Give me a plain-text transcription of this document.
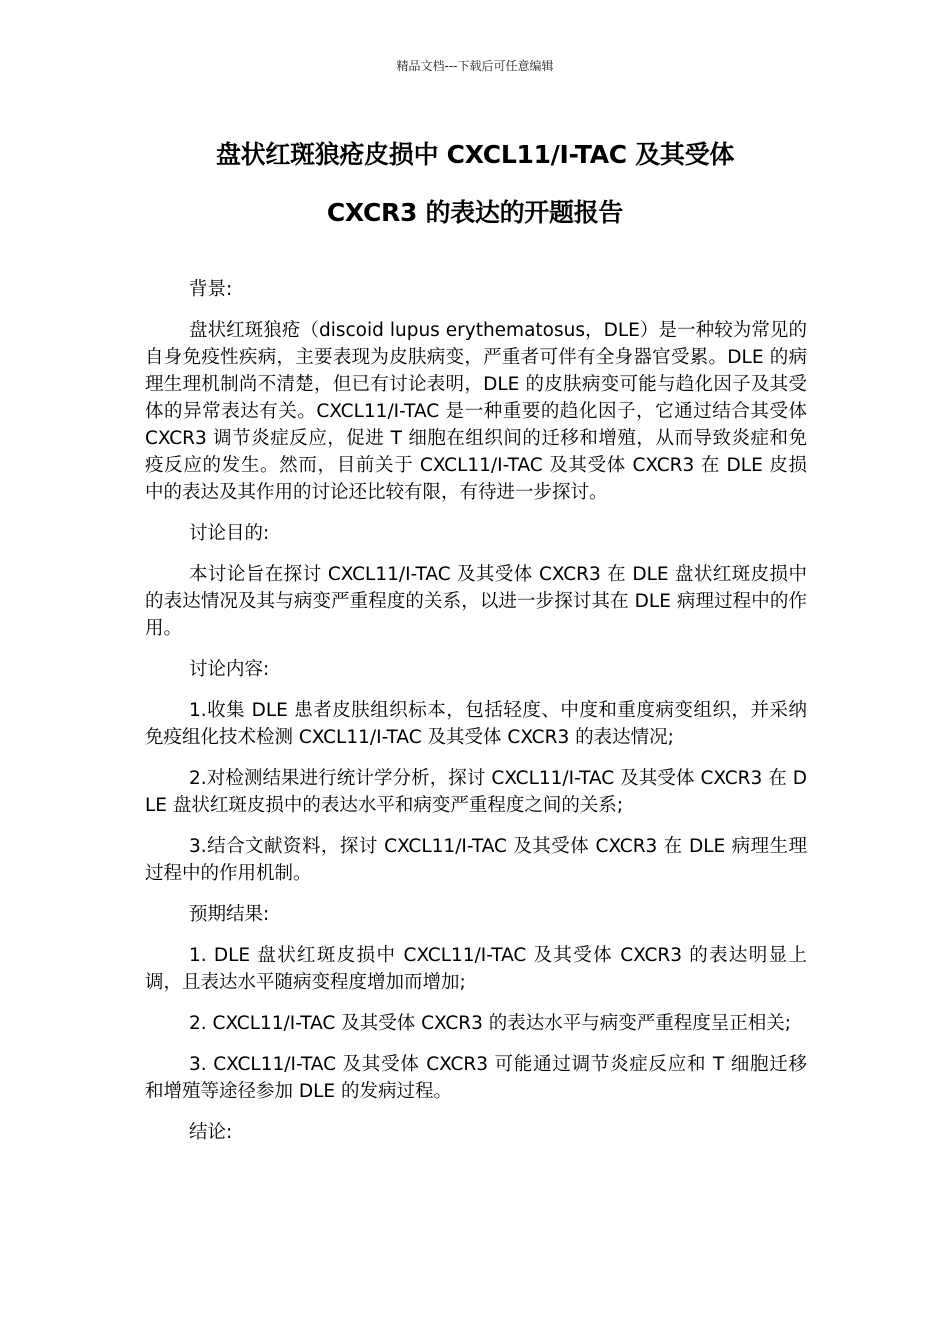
精品文档---下载后可任意编辑
盘状红斑狼疮皮损中 CXCL11/I-TAC 及其受体
CXCR3 的表达的开题报告

背景:

盘状红斑狼疮（discoid lupus erythematosus，DLE）是一种较为常见的自身免疫性疾病，主要表现为皮肤病变，严重者可伴有全身器官受累。DLE 的病理生理机制尚不清楚，但已有讨论表明，DLE 的皮肤病变可能与趋化因子及其受体的异常表达有关。CXCL11/I-TAC 是一种重要的趋化因子，它通过结合其受体 CXCR3 调节炎症反应，促进 T 细胞在组织间的迁移和增殖，从而导致炎症和免疫反应的发生。然而，目前关于 CXCL11/I-TAC 及其受体 CXCR3 在 DLE 皮损中的表达及其作用的讨论还比较有限，有待进一步探讨。

讨论目的:

本讨论旨在探讨 CXCL11/I-TAC 及其受体 CXCR3 在 DLE 盘状红斑皮损中的表达情况及其与病变严重程度的关系，以进一步探讨其在 DLE 病理过程中的作用。

讨论内容:

1.收集 DLE 患者皮肤组织标本，包括轻度、中度和重度病变组织，并采纳免疫组化技术检测 CXCL11/I-TAC 及其受体 CXCR3 的表达情况;

2.对检测结果进行统计学分析，探讨 CXCL11/I-TAC 及其受体 CXCR3 在 DLE 盘状红斑皮损中的表达水平和病变严重程度之间的关系;

3.结合文献资料，探讨 CXCL11/I-TAC 及其受体 CXCR3 在 DLE 病理生理过程中的作用机制。

预期结果:

1. DLE 盘状红斑皮损中 CXCL11/I-TAC 及其受体 CXCR3 的表达明显上调，且表达水平随病变程度增加而增加;

2. CXCL11/I-TAC 及其受体 CXCR3 的表达水平与病变严重程度呈正相关;

3. CXCL11/I-TAC 及其受体 CXCR3 可能通过调节炎症反应和 T 细胞迁移和增殖等途径参加 DLE 的发病过程。

结论:
